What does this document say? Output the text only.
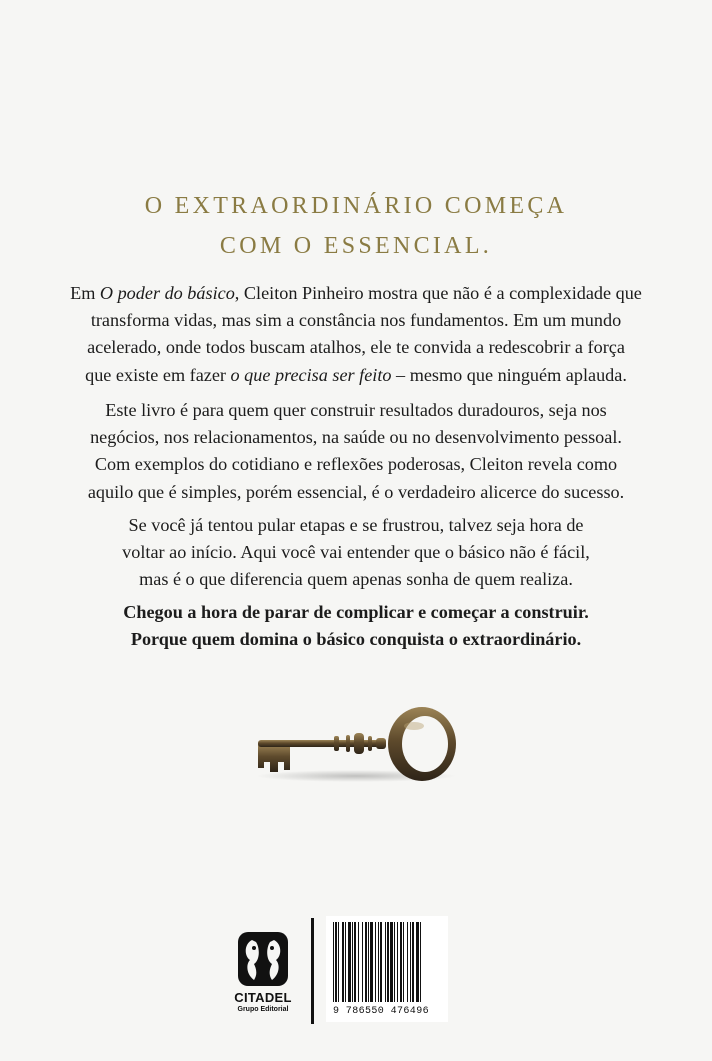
O EXTRAORDINÁRIO COMEÇA
COM O ESSENCIAL.
Em O poder do básico, Cleiton Pinheiro mostra que não é a complexidade que
transforma vidas, mas sim a constância nos fundamentos. Em um mundo
acelerado, onde todos buscam atalhos, ele te convida a redescobrir a força
que existe em fazer o que precisa ser feito – mesmo que ninguém aplauda.
Este livro é para quem quer construir resultados duradouros, seja nos
negócios, nos relacionamentos, na saúde ou no desenvolvimento pessoal.
Com exemplos do cotidiano e reflexões poderosas, Cleiton revela como
aquilo que é simples, porém essencial, é o verdadeiro alicerce do sucesso.
Se você já tentou pular etapas e se frustrou, talvez seja hora de
voltar ao início. Aqui você vai entender que o básico não é fácil,
mas é o que diferencia quem apenas sonha de quem realiza.
Chegou a hora de parar de complicar e começar a construir.
Porque quem domina o básico conquista o extraordinário.
CITADEL
Grupo Editorial	9 786550 476496
